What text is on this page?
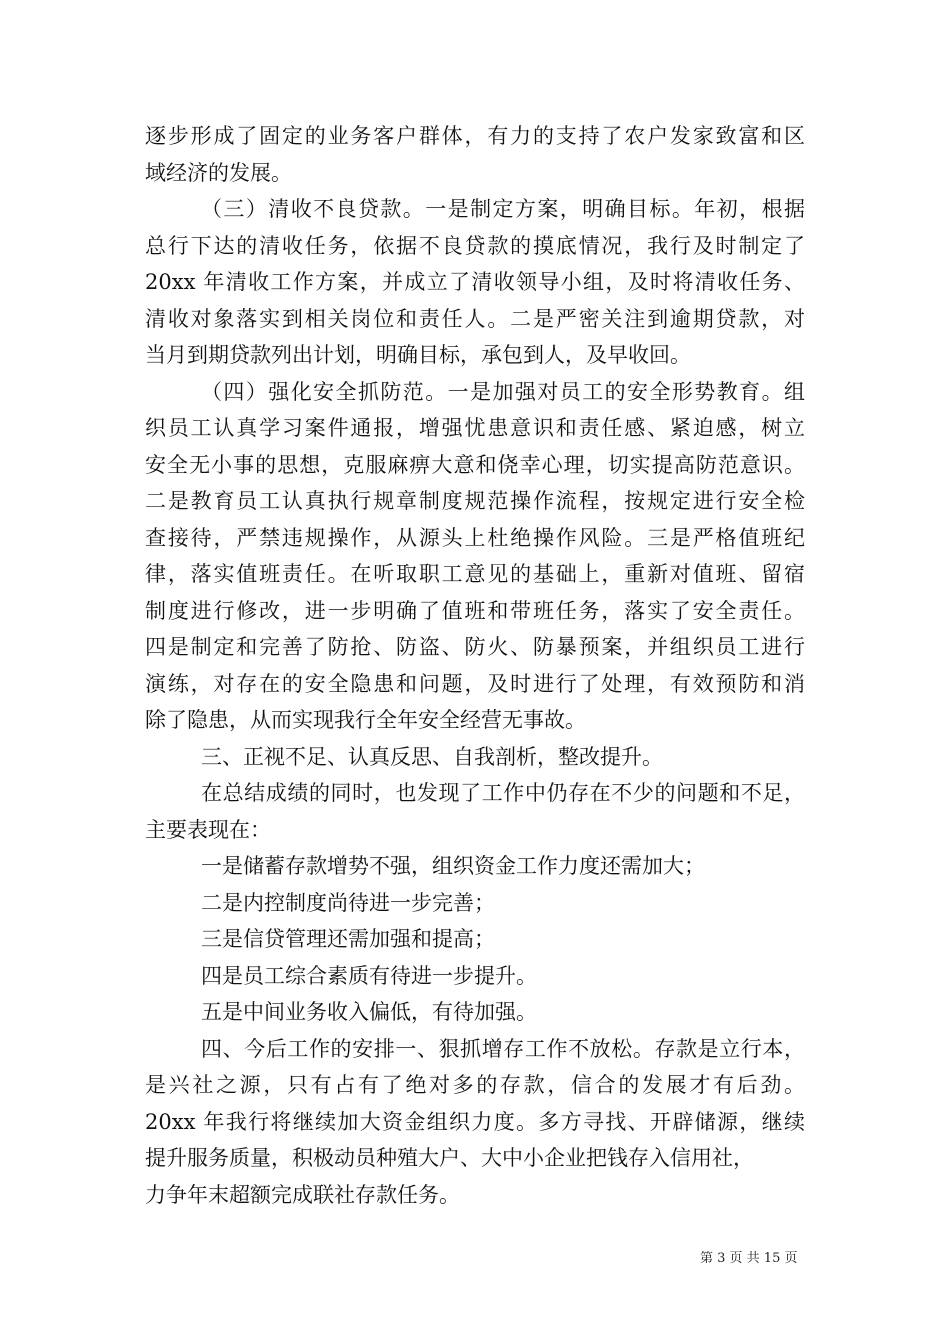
逐步形成了固定的业务客户群体，有力的支持了农户发家致富和区
域经济的发展。
（三）清收不良贷款。一是制定方案，明确目标。年初，根据
总行下达的清收任务，依据不良贷款的摸底情况，我行及时制定了
20xx 年清收工作方案，并成立了清收领导小组，及时将清收任务、
清收对象落实到相关岗位和责任人。二是严密关注到逾期贷款，对
当月到期贷款列出计划，明确目标，承包到人，及早收回。
（四）强化安全抓防范。一是加强对员工的安全形势教育。组
织员工认真学习案件通报，增强忧患意识和责任感、紧迫感，树立
安全无小事的思想，克服麻痹大意和侥幸心理，切实提高防范意识。
二是教育员工认真执行规章制度规范操作流程，按规定进行安全检
查接待，严禁违规操作，从源头上杜绝操作风险。三是严格值班纪
律，落实值班责任。在听取职工意见的基础上，重新对值班、留宿
制度进行修改，进一步明确了值班和带班任务，落实了安全责任。
四是制定和完善了防抢、防盗、防火、防暴预案，并组织员工进行
演练，对存在的安全隐患和问题，及时进行了处理，有效预防和消
除了隐患，从而实现我行全年安全经营无事故。
三、正视不足、认真反思、自我剖析，整改提升。
在总结成绩的同时，也发现了工作中仍存在不少的问题和不足，
主要表现在：
一是储蓄存款增势不强，组织资金工作力度还需加大；
二是内控制度尚待进一步完善；
三是信贷管理还需加强和提高；
四是员工综合素质有待进一步提升。
五是中间业务收入偏低，有待加强。
四、今后工作的安排一、狠抓增存工作不放松。存款是立行本，
是兴社之源，只有占有了绝对多的存款，信合的发展才有后劲。
20xx 年我行将继续加大资金组织力度。多方寻找、开辟储源，继续
提升服务质量，积极动员种殖大户、大中小企业把钱存入信用社，
力争年末超额完成联社存款任务。
第 3 页 共 15 页
